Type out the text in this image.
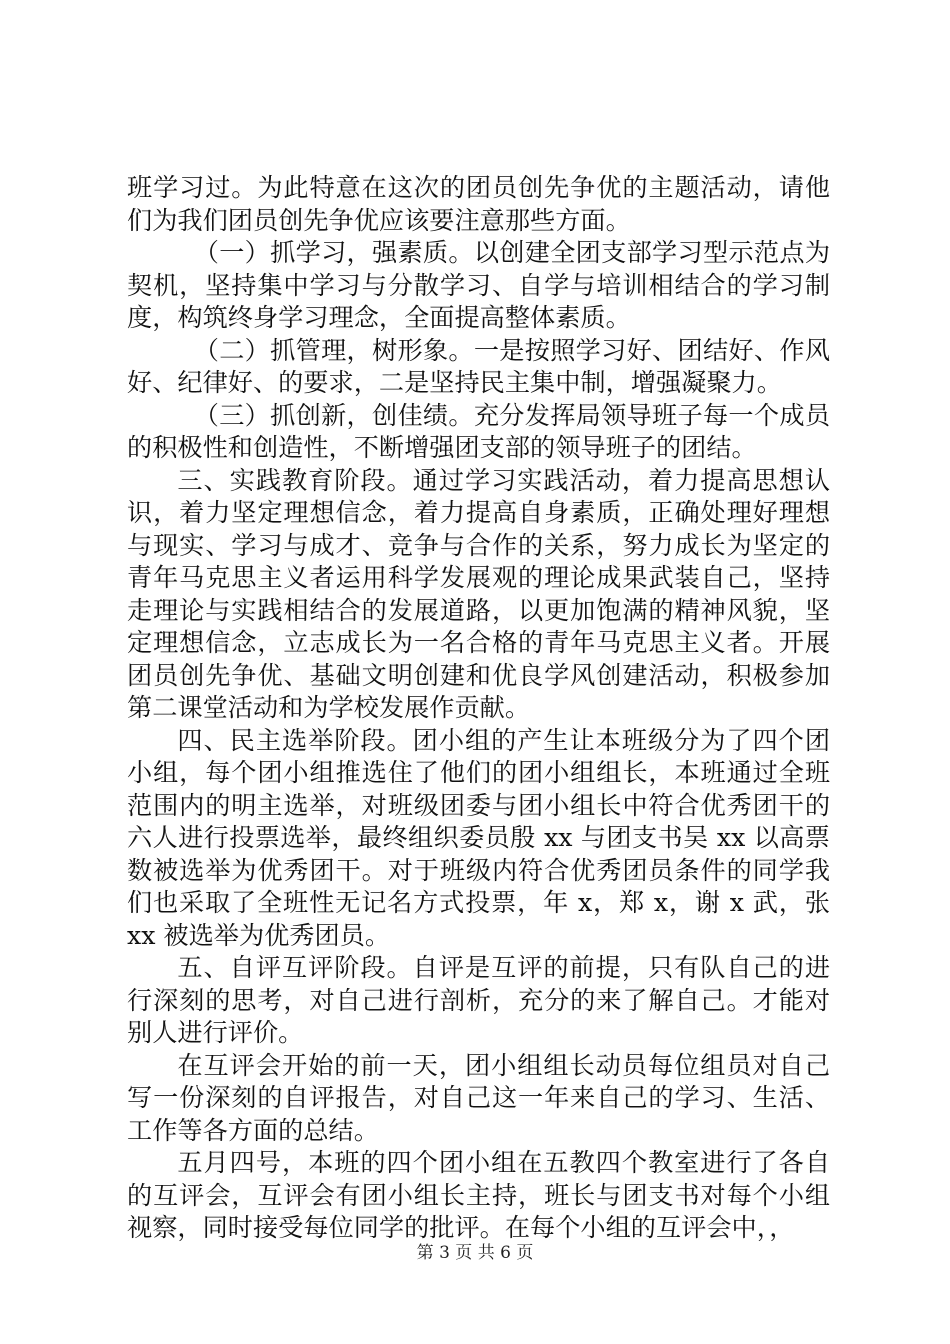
班学习过。为此特意在这次的团员创先争优的主题活动，请他们为我们团员创先争优应该要注意那些方面。

（一）抓学习，强素质。以创建全团支部学习型示范点为契机，坚持集中学习与分散学习、自学与培训相结合的学习制度，构筑终身学习理念，全面提高整体素质。

（二）抓管理，树形象。一是按照学习好、团结好、作风好、纪律好、的要求，二是坚持民主集中制，增强凝聚力。

（三）抓创新，创佳绩。充分发挥局领导班子每一个成员的积极性和创造性，不断增强团支部的领导班子的团结。

三、实践教育阶段。通过学习实践活动，着力提高思想认识，着力坚定理想信念，着力提高自身素质，正确处理好理想与现实、学习与成才、竞争与合作的关系，努力成长为坚定的青年马克思主义者运用科学发展观的理论成果武装自己，坚持走理论与实践相结合的发展道路，以更加饱满的精神风貌，坚定理想信念，立志成长为一名合格的青年马克思主义者。开展团员创先争优、基础文明创建和优良学风创建活动，积极参加第二课堂活动和为学校发展作贡献。

四、民主选举阶段。团小组的产生让本班级分为了四个团小组，每个团小组推选住了他们的团小组组长，本班通过全班范围内的明主选举，对班级团委与团小组长中符合优秀团干的六人进行投票选举，最终组织委员殷 xx 与团支书吴 xx 以高票数被选举为优秀团干。对于班级内符合优秀团员条件的同学我们也采取了全班性无记名方式投票，年 x，郑 x，谢 x 武，张 xx 被选举为优秀团员。

五、自评互评阶段。自评是互评的前提，只有队自己的进行深刻的思考，对自己进行剖析，充分的来了解自己。才能对别人进行评价。

在互评会开始的前一天，团小组组长动员每位组员对自己写一份深刻的自评报告，对自己这一年来自己的学习、生活、工作等各方面的总结。

五月四号，本班的四个团小组在五教四个教室进行了各自的互评会，互评会有团小组长主持，班长与团支书对每个小组视察，同时接受每位同学的批评。在每个小组的互评会中，，

第 3 页 共 6 页
